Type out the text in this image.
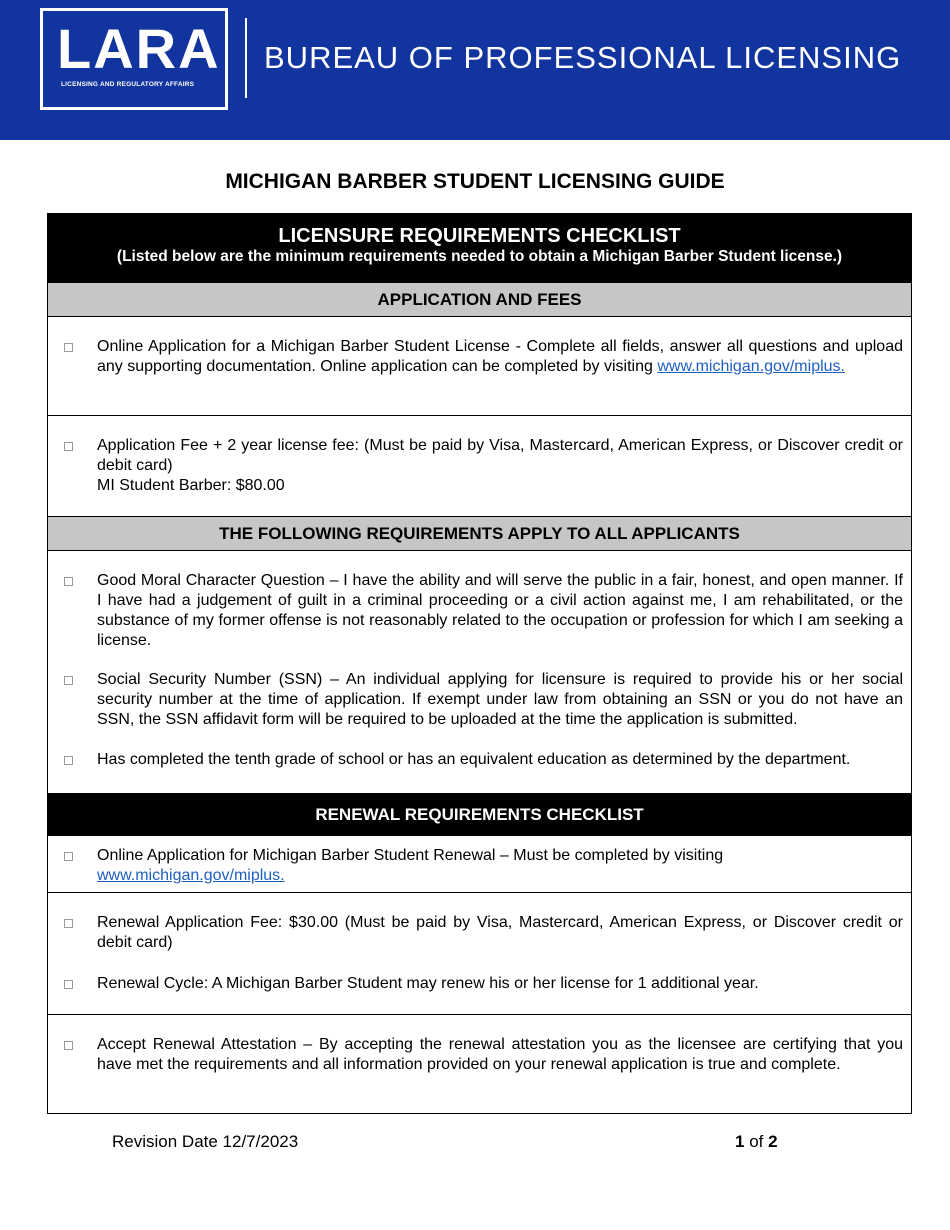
LARA
LICENSING AND REGULATORY AFFAIRS
BUREAU OF PROFESSIONAL LICENSING
MICHIGAN BARBER STUDENT LICENSING GUIDE
LICENSURE REQUIREMENTS CHECKLIST
(Listed below are the minimum requirements needed to obtain a Michigan Barber Student license.)
APPLICATION AND FEES
Online Application for a Michigan Barber Student License - Complete all fields, answer all questions and upload any supporting documentation. Online application can be completed by visiting www.michigan.gov/miplus.
Application Fee + 2 year license fee: (Must be paid by Visa, Mastercard, American Express, or Discover credit or debit card)
MI Student Barber: $80.00
THE FOLLOWING REQUIREMENTS APPLY TO ALL APPLICANTS
Good Moral Character Question – I have the ability and will serve the public in a fair, honest, and open manner. If I have had a judgement of guilt in a criminal proceeding or a civil action against me, I am rehabilitated, or the substance of my former offense is not reasonably related to the occupation or profession for which I am seeking a license.
Social Security Number (SSN) – An individual applying for licensure is required to provide his or her social security number at the time of application. If exempt under law from obtaining an SSN or you do not have an SSN, the SSN affidavit form will be required to be uploaded at the time the application is submitted.
Has completed the tenth grade of school or has an equivalent education as determined by the department.
RENEWAL REQUIREMENTS CHECKLIST
Online Application for Michigan Barber Student Renewal – Must be completed by visiting
www.michigan.gov/miplus.
Renewal Application Fee: $30.00 (Must be paid by Visa, Mastercard, American Express, or Discover credit or debit card)
Renewal Cycle: A Michigan Barber Student may renew his or her license for 1 additional year.
Accept Renewal Attestation – By accepting the renewal attestation you as the licensee are certifying that you have met the requirements and all information provided on your renewal application is true and complete.
Revision Date 12/7/2023	1 of 2
